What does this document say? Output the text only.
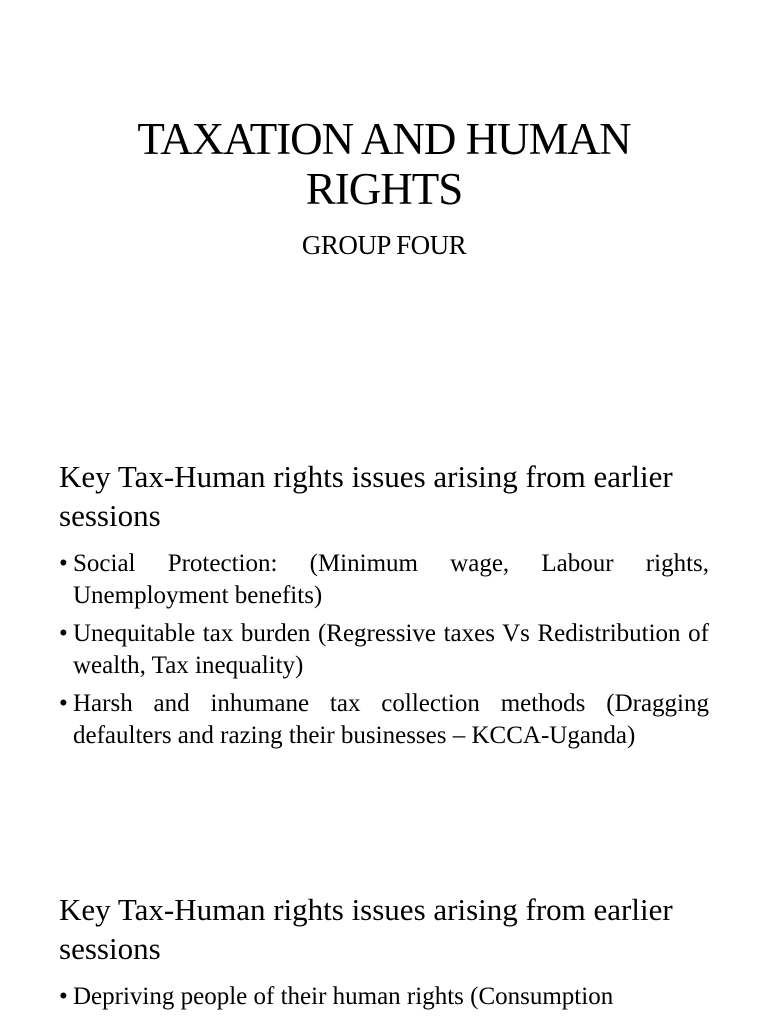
TAXATION AND HUMAN
RIGHTS
GROUP FOUR
Key Tax-Human rights issues arising from earlier sessions
• Social Protection: (Minimum wage, Labour rights, Unemployment benefits)
• Unequitable tax burden (Regressive taxes Vs Redistribution of wealth, Tax inequality)
• Harsh and inhumane tax collection methods (Dragging defaulters and razing their businesses – KCCA-Uganda)
Key Tax-Human rights issues arising from earlier sessions
• Depriving people of their human rights (Consumption
